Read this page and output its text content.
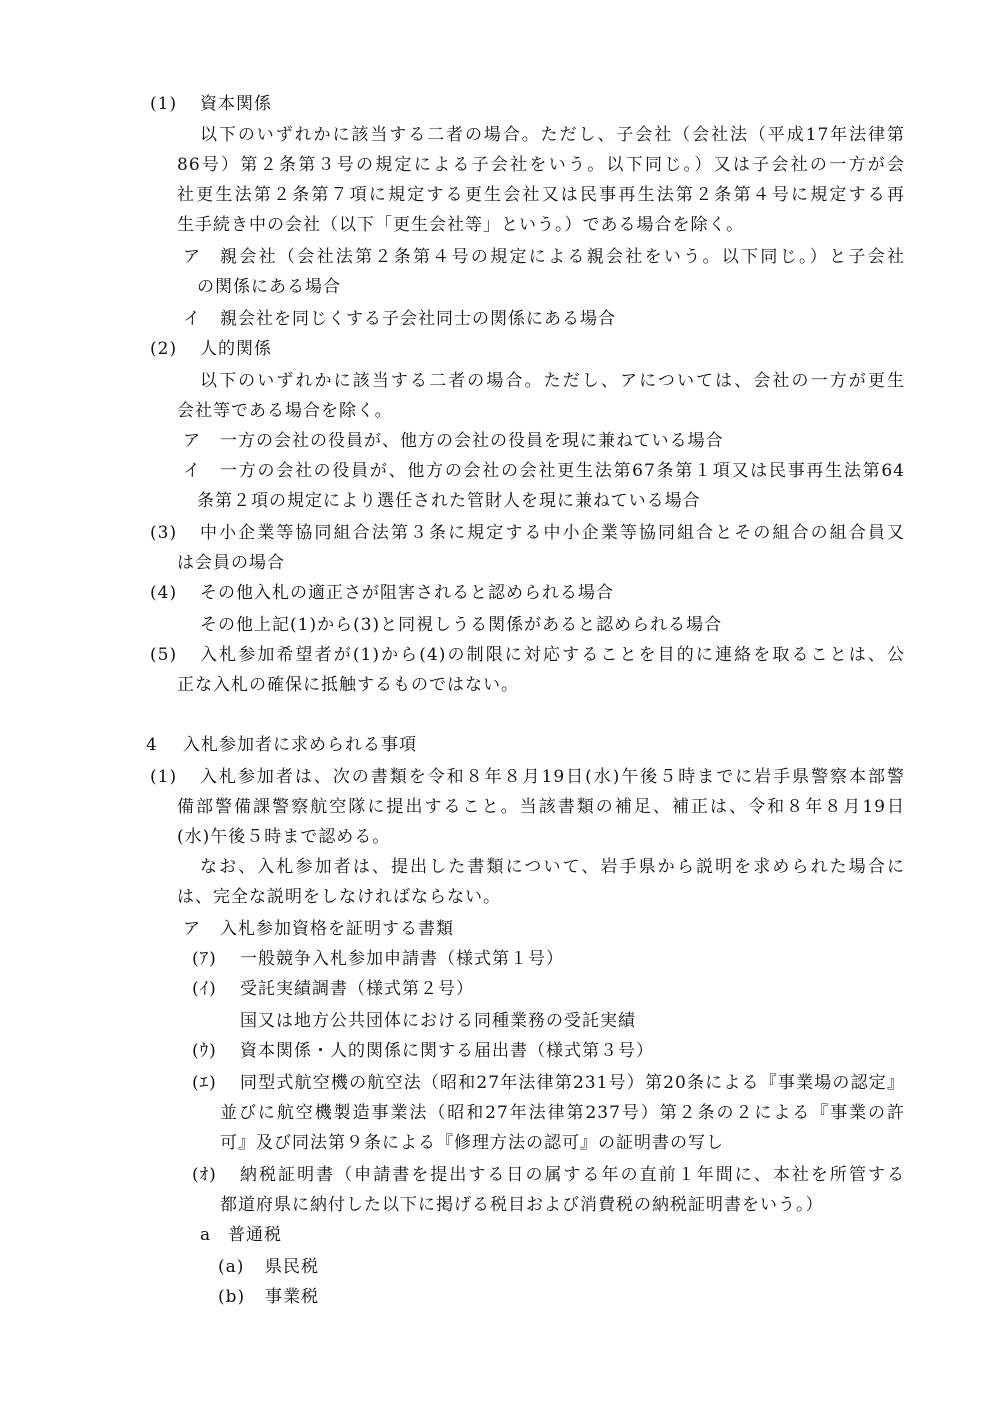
(1) 資本関係
以下のいずれかに該当する二者の場合。ただし、子会社（会社法（平成17年法律第
86号）第２条第３号の規定による子会社をいう。以下同じ。）又は子会社の一方が会
社更生法第２条第７項に規定する更生会社又は民事再生法第２条第４号に規定する再
生手続き中の会社（以下「更生会社等」という。）である場合を除く。
ア 親会社（会社法第２条第４号の規定による親会社をいう。以下同じ。）と子会社
の関係にある場合
イ 親会社を同じくする子会社同士の関係にある場合
(2) 人的関係
以下のいずれかに該当する二者の場合。ただし、アについては、会社の一方が更生
会社等である場合を除く。
ア 一方の会社の役員が、他方の会社の役員を現に兼ねている場合
イ 一方の会社の役員が、他方の会社の会社更生法第67条第１項又は民事再生法第64
条第２項の規定により選任された管財人を現に兼ねている場合
(3) 中小企業等協同組合法第３条に規定する中小企業等協同組合とその組合の組合員又
は会員の場合
(4) その他入札の適正さが阻害されると認められる場合
その他上記(1)から(3)と同視しうる関係があると認められる場合
(5) 入札参加希望者が(1)から(4)の制限に対応することを目的に連絡を取ることは、公
正な入札の確保に抵触するものではない。
4 入札参加者に求められる事項
(1) 入札参加者は、次の書類を令和８年８月19日(水)午後５時までに岩手県警察本部警
備部警備課警察航空隊に提出すること。当該書類の補足、補正は、令和８年８月19日
(水)午後５時まで認める。
なお、入札参加者は、提出した書類について、岩手県から説明を求められた場合に
は、完全な説明をしなければならない。
ア 入札参加資格を証明する書類
(ｱ) 一般競争入札参加申請書（様式第１号）
(ｲ) 受託実績調書（様式第２号）
国又は地方公共団体における同種業務の受託実績
(ｳ) 資本関係・人的関係に関する届出書（様式第３号）
(ｴ) 同型式航空機の航空法（昭和27年法律第231号）第20条による『事業場の認定』
並びに航空機製造事業法（昭和27年法律第237号）第２条の２による『事業の許
可』及び同法第９条による『修理方法の認可』の証明書の写し
(ｵ) 納税証明書（申請書を提出する日の属する年の直前１年間に、本社を所管する
都道府県に納付した以下に掲げる税目および消費税の納税証明書をいう。）
a 普通税
(a) 県民税
(b) 事業税
